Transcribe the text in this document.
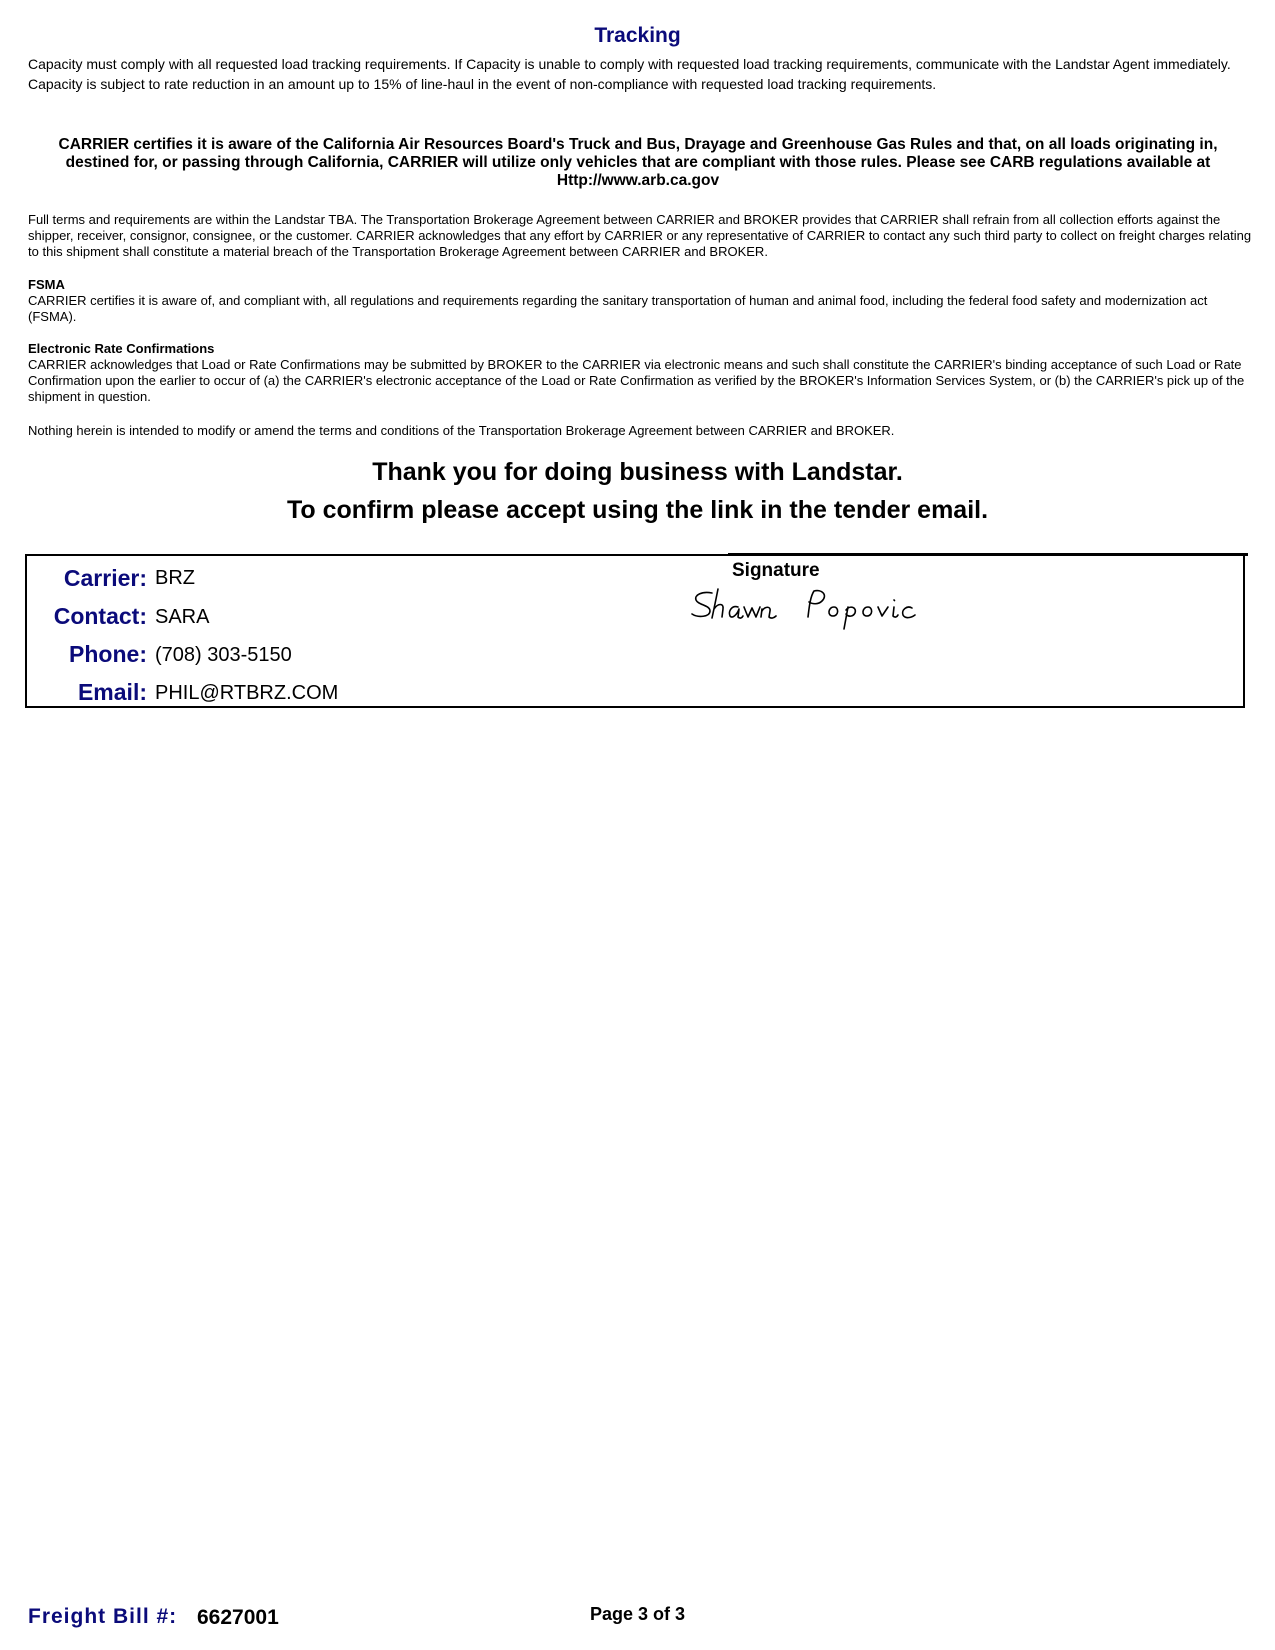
Tracking

Capacity must comply with all requested load tracking requirements. If Capacity is unable to comply with requested load tracking requirements, communicate with the Landstar Agent immediately. Capacity is subject to rate reduction in an amount up to 15% of line-haul in the event of non-compliance with requested load tracking requirements.

CARRIER certifies it is aware of the California Air Resources Board's Truck and Bus, Drayage and Greenhouse Gas Rules and that, on all loads originating in, destined for, or passing through California, CARRIER will utilize only vehicles that are compliant with those rules. Please see CARB regulations available at Http://www.arb.ca.gov

Full terms and requirements are within the Landstar TBA. The Transportation Brokerage Agreement between CARRIER and BROKER provides that CARRIER shall refrain from all collection efforts against the shipper, receiver, consignor, consignee, or the customer. CARRIER acknowledges that any effort by CARRIER or any representative of CARRIER to contact any such third party to collect on freight charges relating to this shipment shall constitute a material breach of the Transportation Brokerage Agreement between CARRIER and BROKER.

FSMA

CARRIER certifies it is aware of, and compliant with, all regulations and requirements regarding the sanitary transportation of human and animal food, including the federal food safety and modernization act (FSMA).

Electronic Rate Confirmations

CARRIER acknowledges that Load or Rate Confirmations may be submitted by BROKER to the CARRIER via electronic means and such shall constitute the CARRIER's binding acceptance of such Load or Rate Confirmation upon the earlier to occur of (a) the CARRIER's electronic acceptance of the Load or Rate Confirmation as verified by the BROKER's Information Services System, or (b) the CARRIER's pick up of the shipment in question.

Nothing herein is intended to modify or amend the terms and conditions of the Transportation Brokerage Agreement between CARRIER and BROKER.

Thank you for doing business with Landstar.

To confirm please accept using the link in the tender email.

Carrier: BRZ
Contact: SARA
Phone: (708) 303-5150
Email: PHIL@RTBRZ.COM
Signature
Freight Bill #: 6627001	Page 3 of 3
